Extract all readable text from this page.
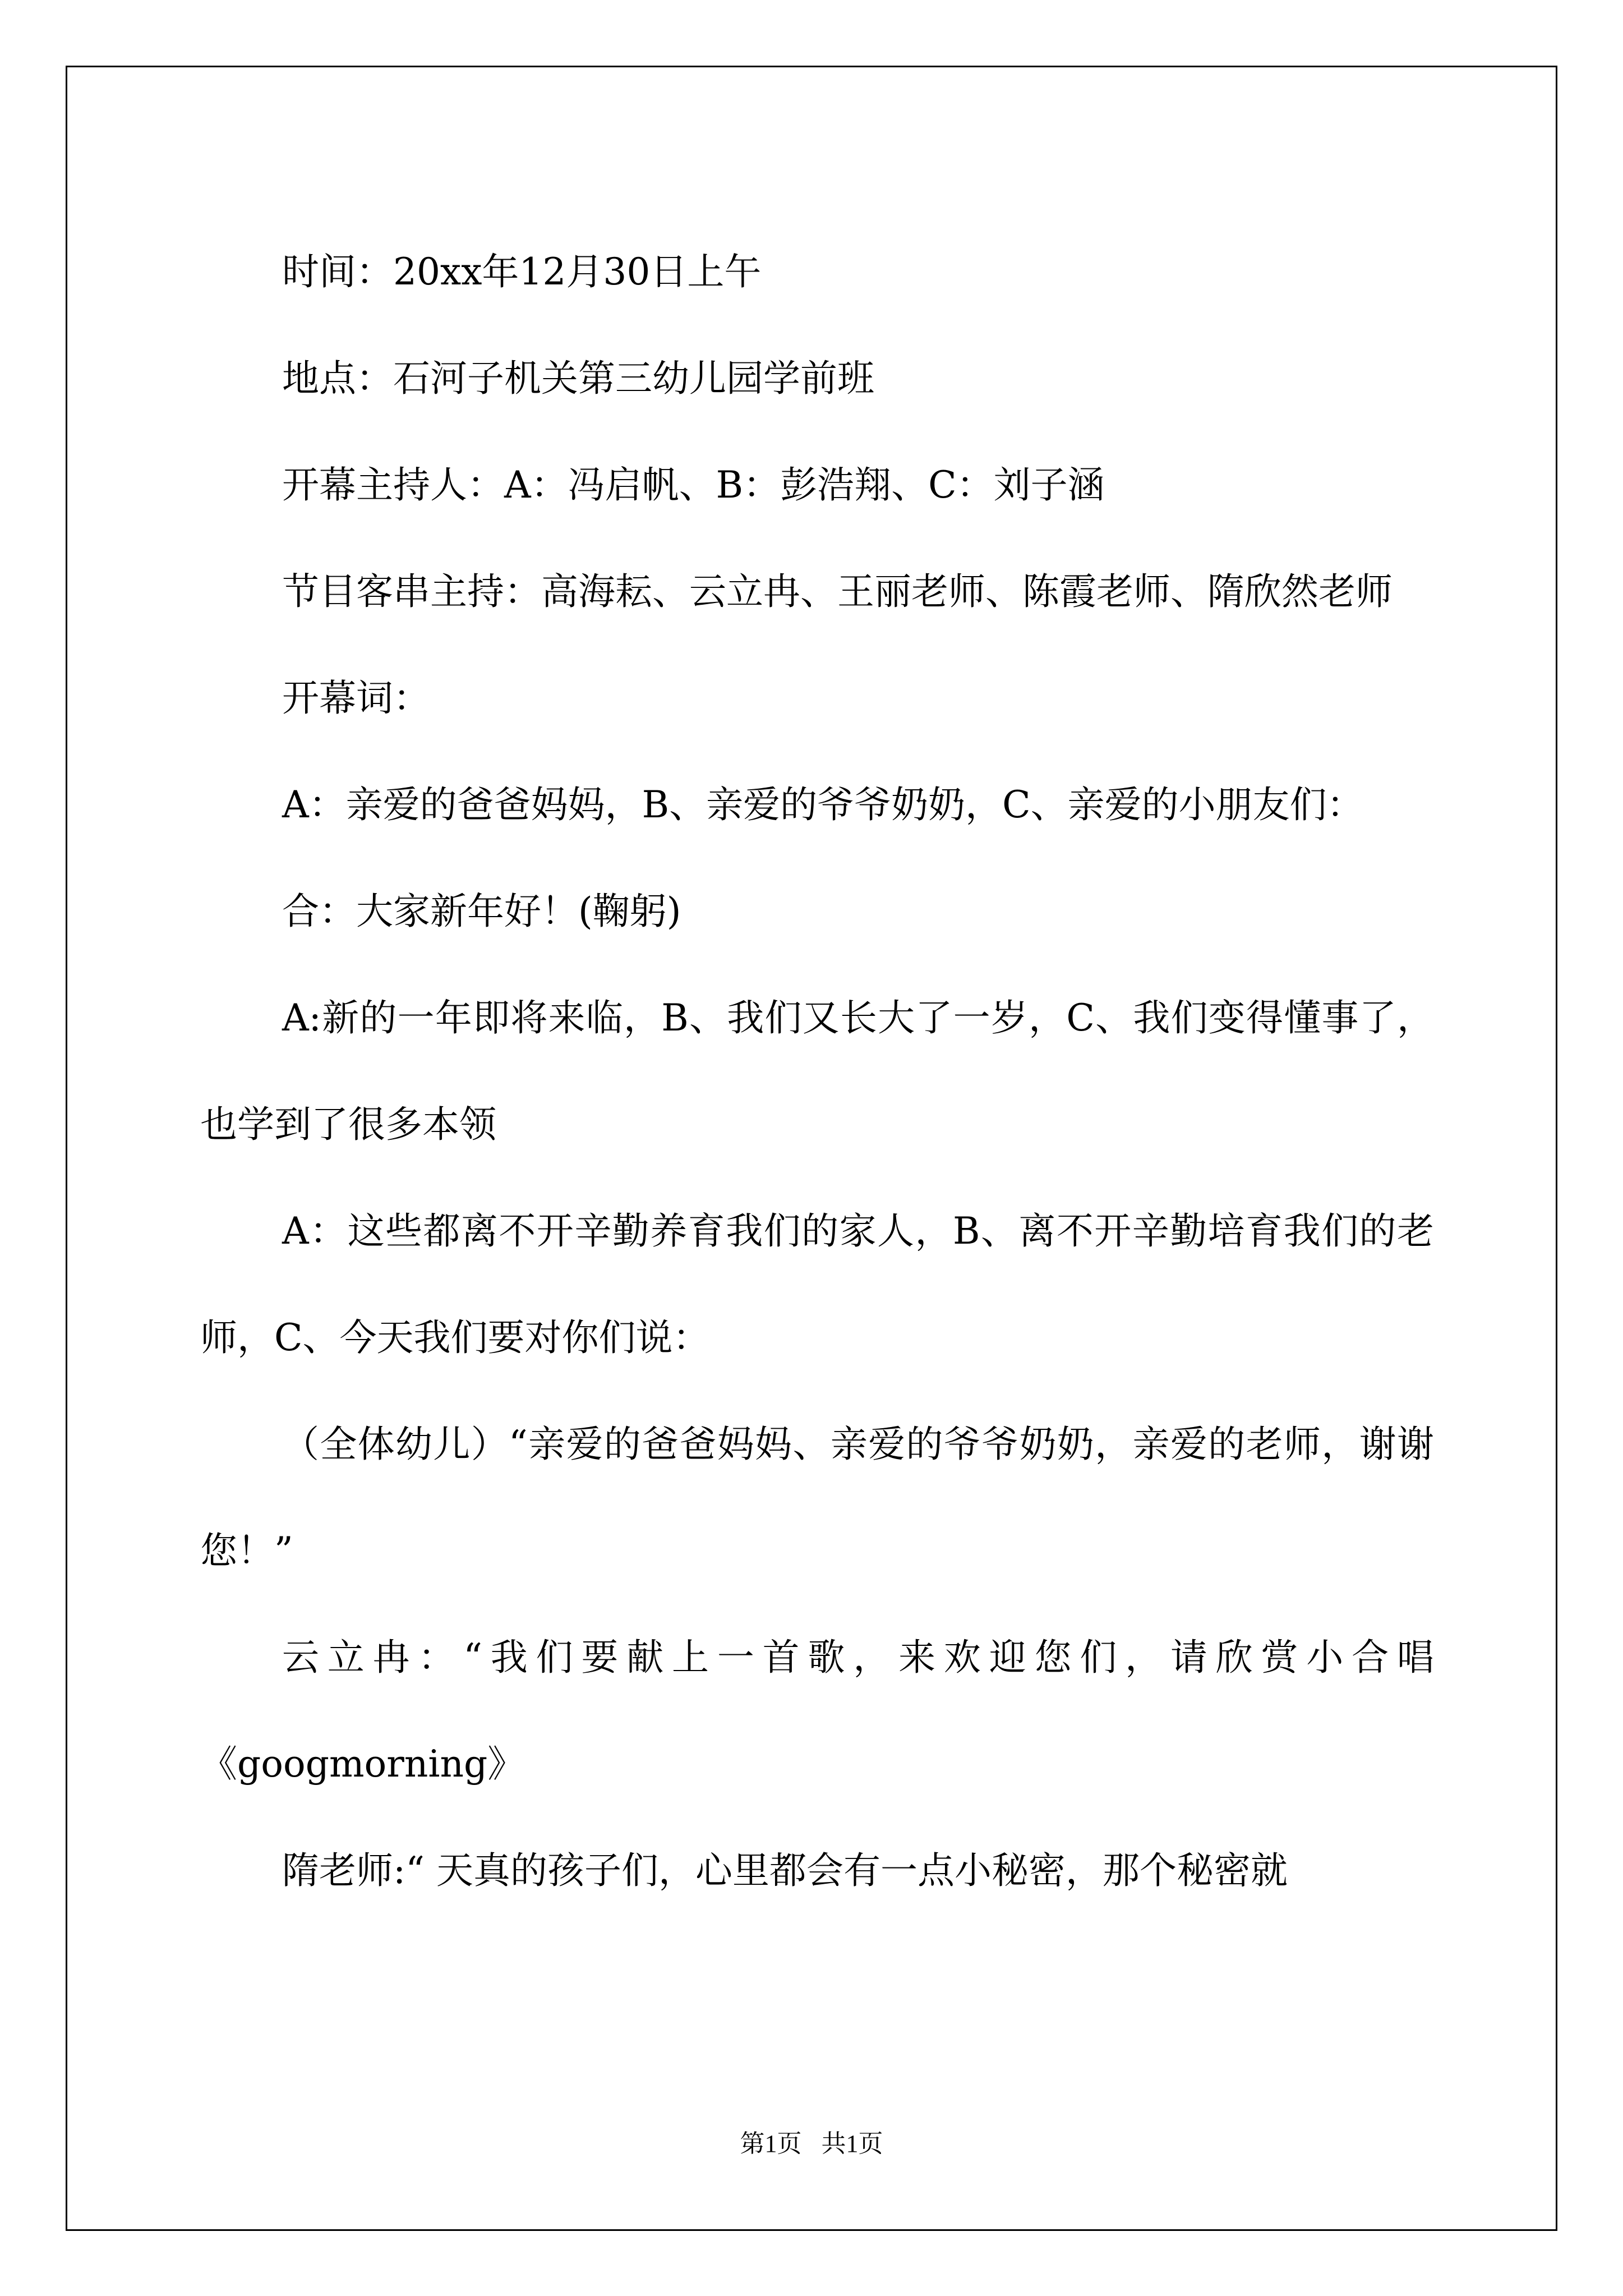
时间：20xx年12月30日上午

地点：石河子机关第三幼儿园学前班

开幕主持人：A：冯启帆、B：彭浩翔、C：刘子涵

节目客串主持：高海耘、云立冉、王丽老师、陈霞老师、隋欣然老师

开幕词：

A：亲爱的爸爸妈妈，B、亲爱的爷爷奶奶，C、亲爱的小朋友们：

合：大家新年好！(鞠躬)

A:新的一年即将来临，B、我们又长大了一岁，C、我们变得懂事了，也学到了很多本领

A：这些都离不开辛勤养育我们的家人，B、离不开辛勤培育我们的老师，C、今天我们要对你们说：

（全体幼儿）“亲爱的爸爸妈妈、亲爱的爷爷奶奶，亲爱的老师，谢谢您！”

云立冉：“我们要献上一首歌，来欢迎您们，请欣赏小合唱《googmorning》

隋老师:“ 天真的孩子们，心里都会有一点小秘密，那个秘密就

第1页 共1页
